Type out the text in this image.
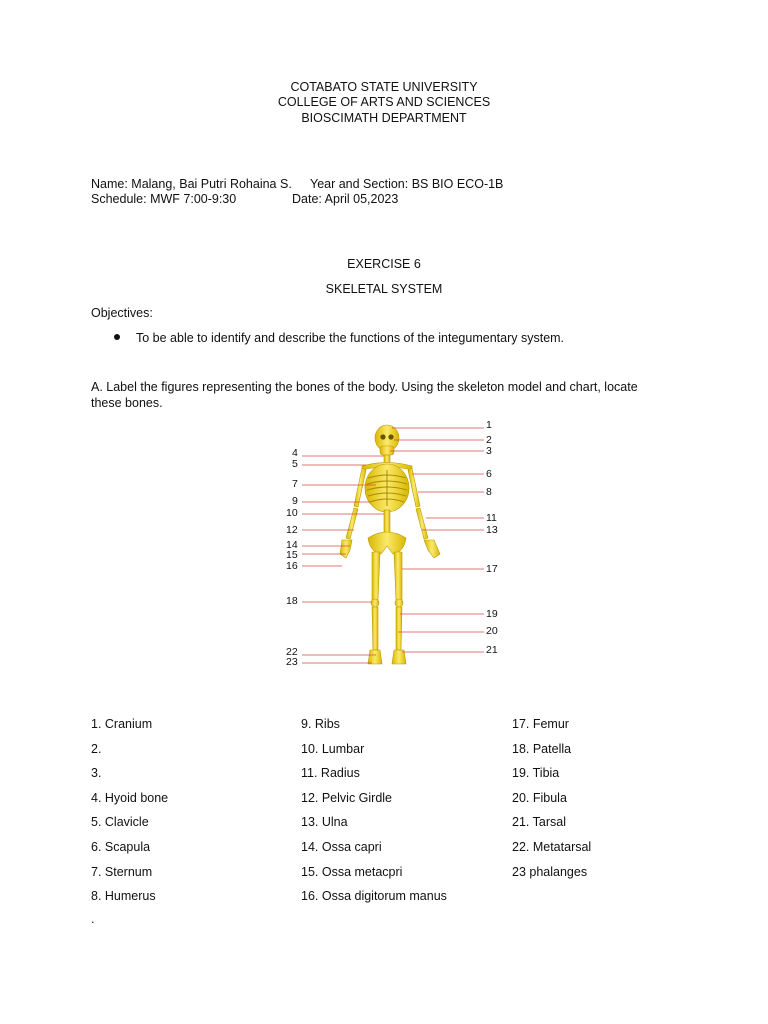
COTABATO STATE UNIVERSITY
COLLEGE OF ARTS AND SCIENCES
BIOSCIMATH DEPARTMENT
Name: Malang, Bai Putri Rohaina S. Year and Section: BS BIO ECO-1B
Schedule: MWF 7:00-9:30	Date: April 05,2023
EXERCISE 6
SKELETAL SYSTEM
Objectives:
To be able to identify and describe the functions of the integumentary system.
A. Label the figures representing the bones of the body. Using the skeleton model and chart, locate
these bones.
1
2
3
6
8
11
13
17
19
20
21
4
5
7
9
10
12
14
15
16
18
22
23
1. Cranium
2.
3.
4. Hyoid bone
5. Clavicle
6. Scapula
7. Sternum
8. Humerus
9. Ribs
10. Lumbar
11. Radius
12. Pelvic Girdle
13. Ulna
14. Ossa capri
15. Ossa metacpri
16. Ossa digitorum manus
17. Femur
18. Patella
19. Tibia
20. Fibula
21. Tarsal
22. Metatarsal
23 phalanges
.
